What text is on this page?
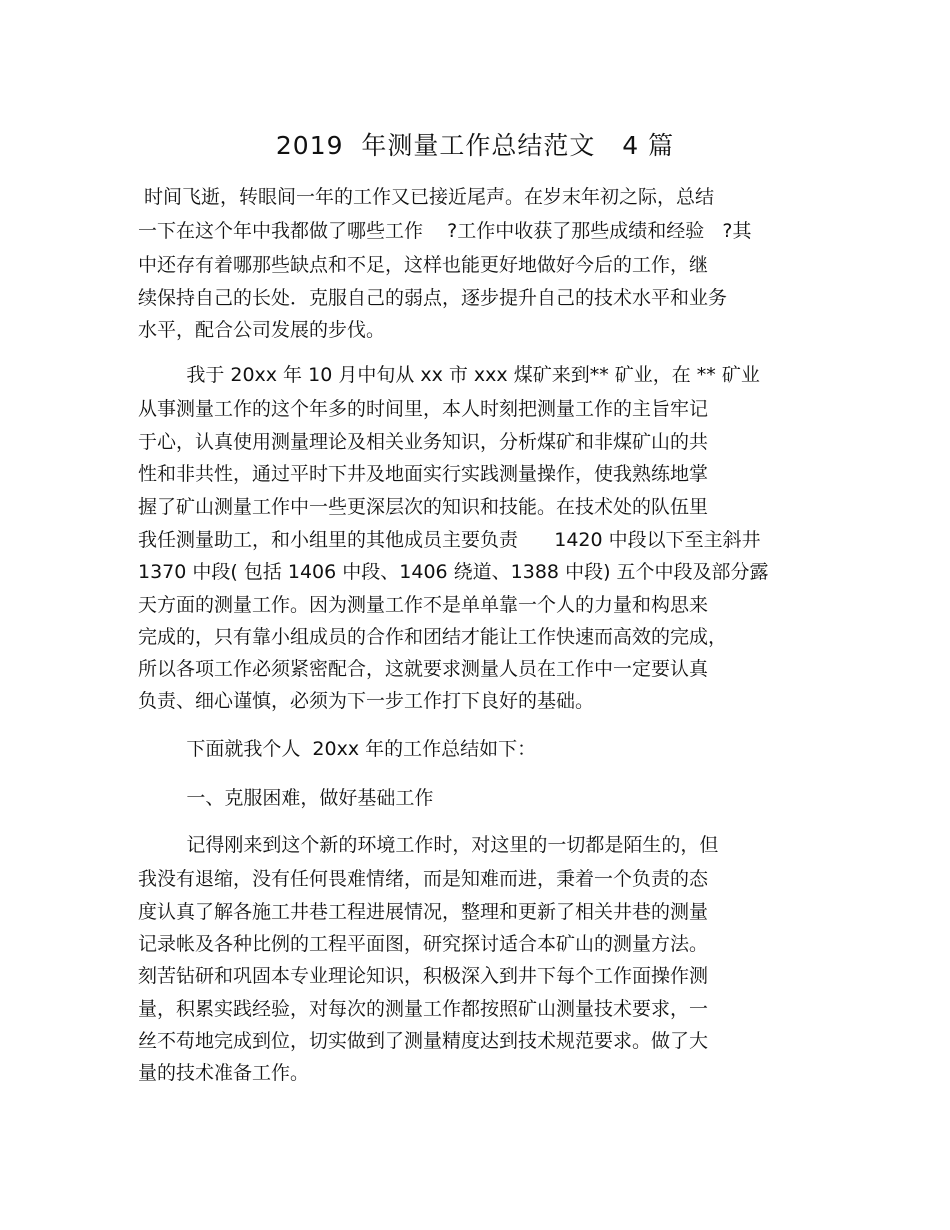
2019  年测量工作总结范文   4 篇
时间飞逝，转眼间一年的工作又已接近尾声。在岁末年初之际，总结
一下在这个年中我都做了哪些工作    ?工作中收获了那些成绩和经验   ?其
中还存有着哪那些缺点和不足，这样也能更好地做好今后的工作，继
续保持自己的长处．克服自己的弱点，逐步提升自己的技术水平和业务
水平，配合公司发展的步伐。
我于 20xx 年 10 月中旬从 xx 市 xxx 煤矿来到** 矿业，在 ** 矿业
从事测量工作的这个年多的时间里，本人时刻把测量工作的主旨牢记
于心，认真使用测量理论及相关业务知识，分析煤矿和非煤矿山的共
性和非共性，通过平时下井及地面实行实践测量操作，使我熟练地掌
握了矿山测量工作中一些更深层次的知识和技能。在技术处的队伍里
我任测量助工，和小组里的其他成员主要负责      1420 中段以下至主斜井
1370 中段( 包括 1406 中段、1406 绕道、1388 中段) 五个中段及部分露
天方面的测量工作。因为测量工作不是单单靠一个人的力量和构思来
完成的，只有靠小组成员的合作和团结才能让工作快速而高效的完成，
所以各项工作必须紧密配合，这就要求测量人员在工作中一定要认真
负责、细心谨慎，必须为下一步工作打下良好的基础。
下面就我个人  20xx 年的工作总结如下：
一、克服困难，做好基础工作
记得刚来到这个新的环境工作时，对这里的一切都是陌生的，但
我没有退缩，没有任何畏难情绪，而是知难而进，秉着一个负责的态
度认真了解各施工井巷工程进展情况，整理和更新了相关井巷的测量
记录帐及各种比例的工程平面图，研究探讨适合本矿山的测量方法。
刻苦钻研和巩固本专业理论知识，积极深入到井下每个工作面操作测
量，积累实践经验，对每次的测量工作都按照矿山测量技术要求，一
丝不苟地完成到位，切实做到了测量精度达到技术规范要求。做了大
量的技术准备工作。
